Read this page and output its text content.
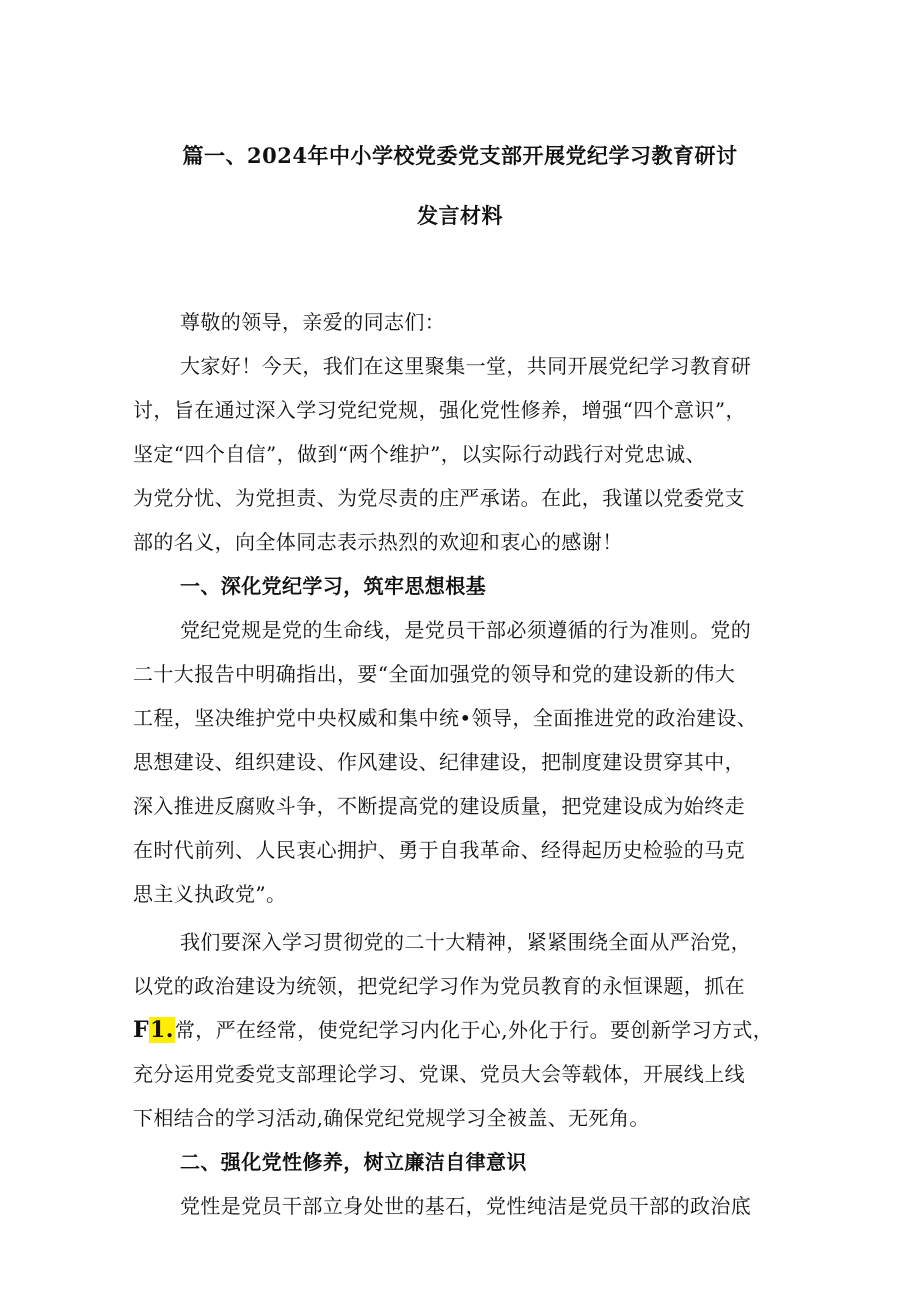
篇一、2024年中小学校党委党支部开展党纪学习教育研讨
发言材料
尊敬的领导，亲爱的同志们：
大家好！今天，我们在这里聚集一堂，共同开展党纪学习教育研
讨，旨在通过深入学习党纪党规，强化党性修养，增强“四个意识”，
坚定“四个自信”，做到“两个维护”，以实际行动践行对党忠诚、
为党分忧、为党担责、为党尽责的庄严承诺。在此，我谨以党委党支
部的名义，向全体同志表示热烈的欢迎和衷心的感谢！
一、深化党纪学习，筑牢思想根基
党纪党规是党的生命线，是党员干部必须遵循的行为准则。党的
二十大报告中明确指出，要“全面加强党的领导和党的建设新的伟大
工程，坚决维护党中央权威和集中统•领导，全面推进党的政治建设、
思想建设、组织建设、作风建设、纪律建设，把制度建设贯穿其中，
深入推进反腐败斗争，不断提高党的建设质量，把党建设成为始终走
在时代前列、人民衷心拥护、勇于自我革命、经得起历史检验的马克
思主义执政党”。
我们要深入学习贯彻党的二十大精神，紧紧围绕全面从严治党，
以党的政治建设为统领，把党纪学习作为党员教育的永恒课题，抓在
F1.常，严在经常，使党纪学习内化于心,外化于行。要创新学习方式，
充分运用党委党支部理论学习、党课、党员大会等载体，开展线上线
下相结合的学习活动,确保党纪党规学习全被盖、无死角。
二、强化党性修养，树立廉洁自律意识
党性是党员干部立身处世的基石，党性纯洁是党员干部的政治底
